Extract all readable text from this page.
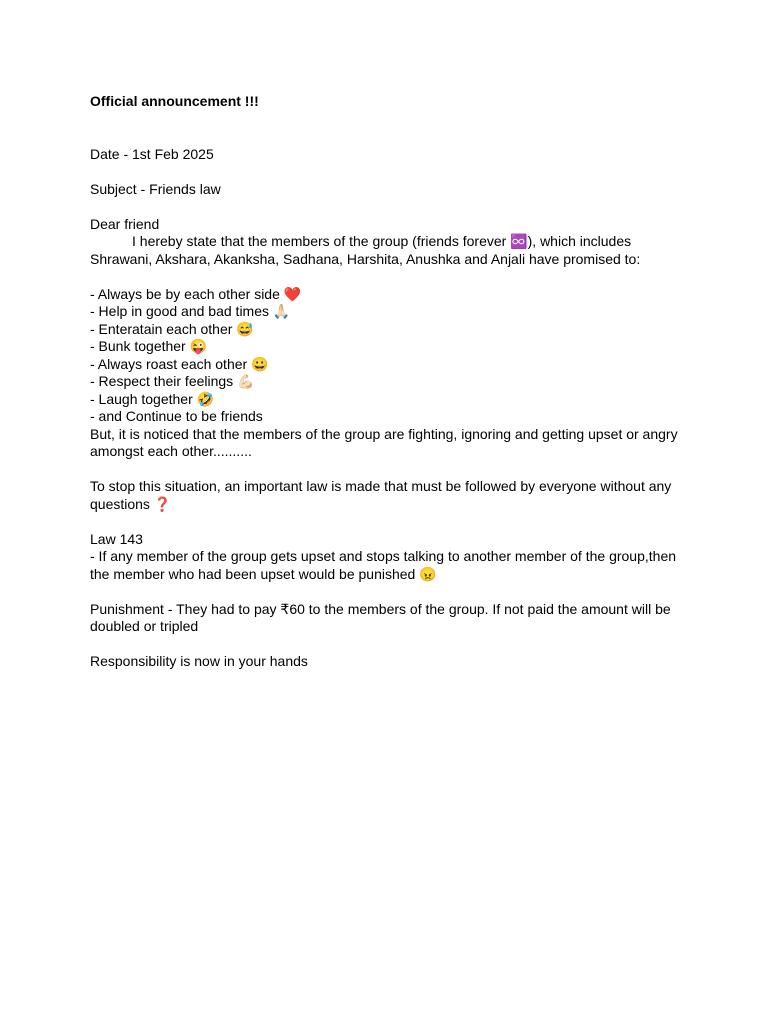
Official announcement !!!

Date - 1st Feb 2025

Subject - Friends law

Dear friend

I hereby state that the members of the group (friends forever ♾️), which includes Shrawani, Akshara, Akanksha, Sadhana, Harshita, Anushka and Anjali have promised to:

- Always be by each other side ❤️

- Help in good and bad times 🙏🏻

- Enteratain each other 😅

- Bunk together 😜

- Always roast each other 😀

- Respect their feelings 💪🏻

- Laugh together 🤣

- and Continue to be friends

But, it is noticed that the members of the group are fighting, ignoring and getting upset or angry amongst each other..........

To stop this situation, an important law is made that must be followed by everyone without any questions ❓

Law 143

- If any member of the group gets upset and stops talking to another member of the group,then the member who had been upset would be punished 😠

Punishment - They had to pay ₹60 to the members of the group. If not paid the amount will be doubled or tripled

Responsibility is now in your hands
